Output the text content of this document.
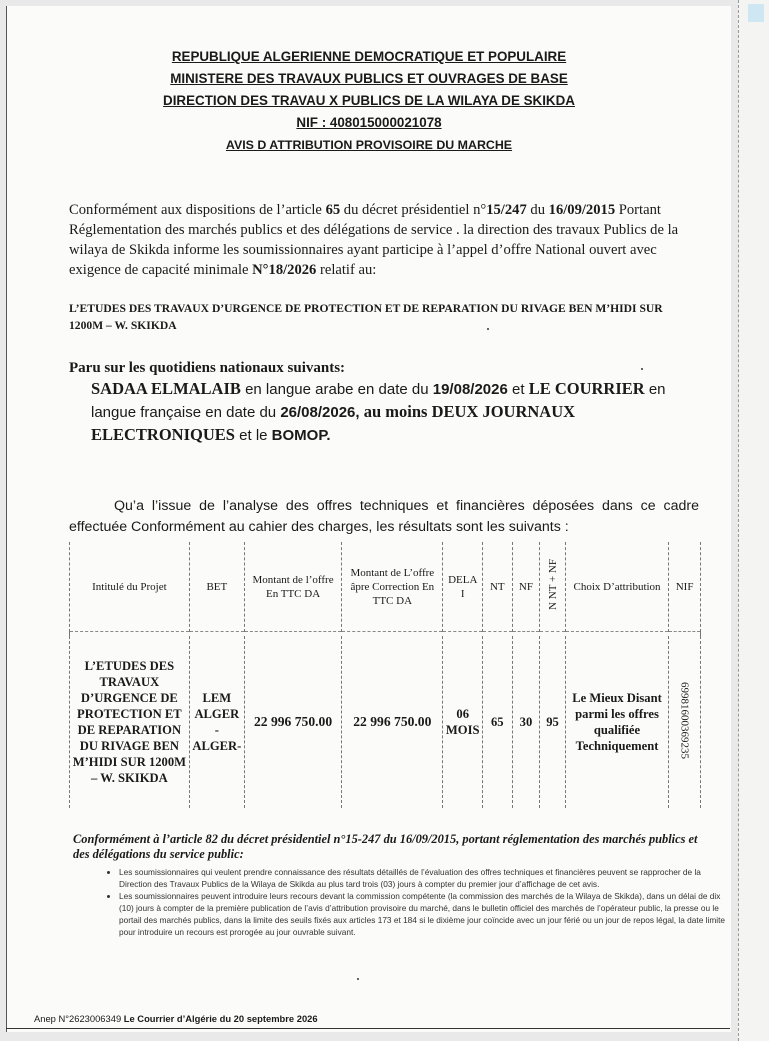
REPUBLIQUE ALGERIENNE DEMOCRATIQUE ET POPULAIRE
MINISTERE DES TRAVAUX PUBLICS ET OUVRAGES DE BASE
DIRECTION DES TRAVAU X PUBLICS DE LA WILAYA DE SKIKDA
NIF : 408015000021078
AVIS D ATTRIBUTION PROVISOIRE DU MARCHE
Conformément aux dispositions de l’article 65 du décret présidentiel n°15/247 du 16/09/2015 Portant Réglementation des marchés publics et des délégations de service . la direction des travaux Publics de la wilaya de Skikda informe les soumissionnaires ayant participe à l’appel d’offre National ouvert avec exigence de capacité minimale N°18/2026 relatif au:
L’ETUDES DES TRAVAUX D’URGENCE DE PROTECTION ET DE REPARATION DU RIVAGE BEN M’HIDI SUR 1200M – W. SKIKDA
Paru sur les quotidiens nationaux suivants:
SADAA ELMALAIB en langue arabe en date du 19/08/2026 et LE COURRIER en langue française en date du 26/08/2026, au moins DEUX JOURNAUX ELECTRONIQUES et le BOMOP.
Qu’a l’issue de l’analyse des offres techniques et financières déposées dans ce cadre effectuée Conformément au cahier des charges, les résultats sont les suivants :
Intitulé du Projet	BET	Montant de l’offre En TTC DA	Montant de L’offre âpre Correction En TTC DA	DELA I	NT	NF	N NT + NF	Choix D’attribution	NIF

L’ETUDES DES TRAVAUX D’URGENCE DE PROTECTION ET DE REPARATION DU RIVAGE BEN M’HIDI SUR 1200M – W. SKIKDA	LEM ALGER -ALGER-	22 996 750.00	22 996 750.00	06 MOIS	65	30	95	Le Mieux Disant parmi les offres qualifiée Techniquement	69981600369235
Conformément à l’article 82 du décret présidentiel n°15-247 du 16/09/2015, portant réglementation des marchés publics et des délégations du service public:
• Les soumissionnaires qui veulent prendre connaissance des résultats détaillés de l’évaluation des offres techniques et financières peuvent se rapprocher de la Direction des Travaux Publics de la Wilaya de Skikda au plus tard trois (03) jours à compter du premier jour d’affichage de cet avis.
• Les soumissionnaires peuvent introduire leurs recours devant la commission compétente (la commission des marchés de la Wilaya de Skikda), dans un délai de dix (10) jours à compter de la première publication de l’avis d’attribution provisoire du marché, dans le bulletin officiel des marchés de l’opérateur public, la presse ou le portail des marchés publics, dans la limite des seuils fixés aux articles 173 et 184 si le dixième jour coïncide avec un jour férié ou un jour de repos légal, la date limite pour introduire un recours est prorogée au jour ouvrable suivant.
Anep N°2623006349 Le Courrier d’Algérie du 20 septembre 2026
